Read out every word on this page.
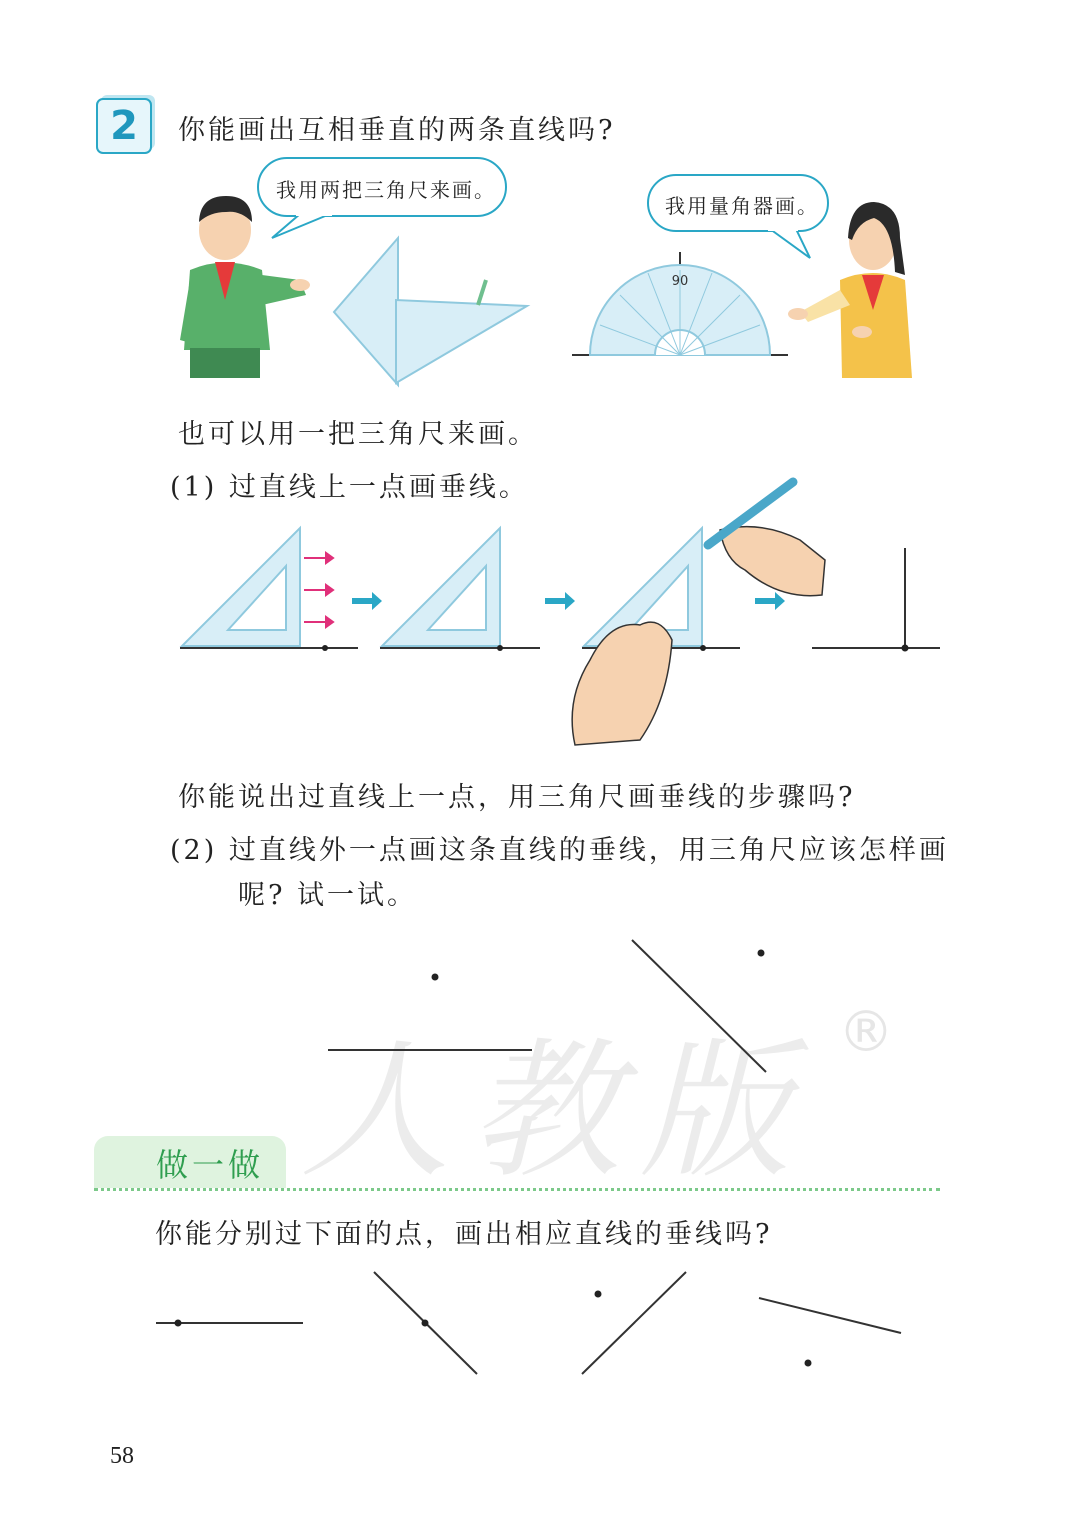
人教版 ®
2	你能画出互相垂直的两条直线吗?
90
我用两把三角尺来画。
我用量角器画。
也可以用一把三角尺来画。
(1) 过直线上一点画垂线。
你能说出过直线上一点，用三角尺画垂线的步骤吗?
(2) 过直线外一点画这条直线的垂线，用三角尺应该怎样画
呢? 试一试。
做一做
你能分别过下面的点，画出相应直线的垂线吗?
58
